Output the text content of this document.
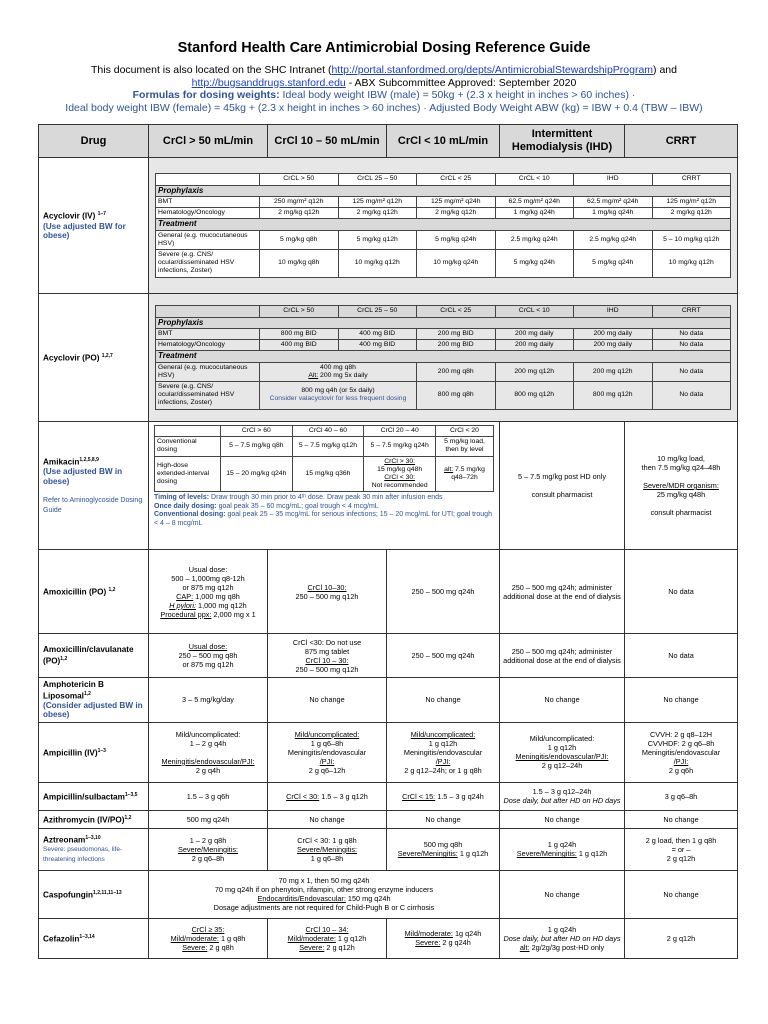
Stanford Health Care Antimicrobial Dosing Reference Guide
This document is also located on the SHC Intranet (http://portal.stanfordmed.org/depts/AntimicrobialStewardshipProgram) and
http://bugsanddrugs.stanford.edu - ABX Subcommittee Approved: September 2020
Formulas for dosing weights: Ideal body weight IBW (male) = 50kg + (2.3 x height in inches > 60 inches) ·
Ideal body weight IBW (female) = 45kg + (2.3 x height in inches > 60 inches) · Adjusted Body Weight ABW (kg) = IBW + 0.4 (TBW – IBW)
Drug	CrCl > 50 mL/min	CrCl 10 – 50 mL/min	CrCl < 10 mL/min	Intermittent Hemodialysis (IHD)	CRRT
Acyclovir (IV) $^{1-7}$
(Use adjusted BW for obese)	
	CrCL > 50	CrCL 25 – 50	CrCL < 25	CrCL < 10	IHD	CRRT
Prophylaxis
BMT	250 mg/m² q12h	125 mg/m² q12h	125 mg/m² q24h	62.5 mg/m² q24h	62.5 mg/m² q24h	125 mg/m² q12h
Hematology/Oncology	2 mg/kg q12h	2 mg/kg q12h	2 mg/kg q12h	1 mg/kg q24h	1 mg/kg q24h	2 mg/kg q12h
Treatment
General (e.g. mucocutaneous HSV)	5 mg/kg q8h	5 mg/kg q12h	5 mg/kg q24h	2.5 mg/kg q24h	2.5 mg/kg q24h	5 – 10 mg/kg q12h
Severe (e.g. CNS/ ocular/disseminated HSV infections, Zoster)	10 mg/kg q8h	10 mg/kg q12h	10 mg/kg q24h	5 mg/kg q24h	5 mg/kg q24h	10 mg/kg q12h

Acyclovir (PO) $^{1,2,7}$	
	CrCL > 50	CrCL 25 – 50	CrCL < 25	CrCL < 10	IHD	CRRT
Prophylaxis
BMT	800 mg BID	400 mg BID	200 mg BID	200 mg daily	200 mg daily	No data
Hematology/Oncology	400 mg BID	400 mg BID	200 mg BID	200 mg daily	200 mg daily	No data
Treatment
General (e.g. mucocutaneous HSV)	400 mg q8h
Alt: 200 mg 5x daily	200 mg q8h	200 mg q12h	200 mg q12h	No data
Severe (e.g. CNS/ ocular/disseminated HSV infections, Zoster)	800 mg q4h (or 5x daily)
Consider valacyclovir for less frequent dosing	800 mg q8h	800 mg q12h	800 mg q12h	No data

Amikacin$^{1,2,5,8,9}$
(Use adjusted BW in obese)
Refer to Aminoglycoside Dosing Guide

	CrCl > 60	CrCl 40 – 60	CrCl 20 – 40	CrCl < 20
Conventional dosing	5 – 7.5 mg/kg q8h	5 – 7.5 mg/kg q12h	5 – 7.5 mg/kg q24h	5 mg/kg load, then by level
High-dose extended-interval dosing	15 – 20 mg/kg q24h	15 mg/kg q36h	CrCl > 30:
15 mg/kg q48h
CrCl < 30:
Not recommended	alt: 7.5 mg/kg q48–72h
Timing of levels: Draw trough 30 min prior to 4ᵗʰ dose. Draw peak 30 min after infusion ends
Once daily dosing: goal peak 35 – 60 mcg/mL; goal trough < 4 mcg/mL
Conventional dosing: goal peak 25 – 35 mcg/mL for serious infections; 15 – 20 mcg/mL for UTI; goal trough < 4 – 8 mcg/mL
	5 – 7.5 mg/kg post HD only

consult pharmacist	10 mg/kg load,
then 7.5 mg/kg q24–48h

Severe/MDR organism:
25 mg/kg q48h

consult pharmacist
Amoxicillin (PO) $^{1,2}$	Usual dose:
500 – 1,000mg q8-12h
or 875 mg q12h
CAP: 1,000 mg q8h
H pylori: 1,000 mg q12h
Procedural ppx: 2,000 mg x 1	CrCl 10–30:
250 – 500 mg q12h	250 – 500 mg q24h	250 – 500 mg q24h; administer additional dose at the end of dialysis	No data
Amoxicillin/clavulanate (PO)$^{1,2}$	Usual dose:
250 – 500 mg q8h
or 875 mg q12h	CrCl <30: Do not use
875 mg tablet
CrCl 10 – 30:
250 – 500 mg q12h	250 – 500 mg q24h	250 – 500 mg q24h; administer additional dose at the end of dialysis	No data
Amphotericin B Liposomal$^{1,2}$
(Consider adjusted BW in obese)	3 – 5 mg/kg/day	No change	No change	No change	No change
Ampicillin (IV)$^{1-3}$	Mild/uncomplicated:
1 – 2 g q4h

Meningitis/endovascular/PJI:
2 g q4h	Mild/uncomplicated:
1 g q6–8h
Meningitis/endovascular
/PJI:
2 g q6–12h	Mild/uncomplicated:
1 g q12h
Meningitis/endovascular
/PJI:
2 g q12–24h; or 1 g q8h	Mild/uncomplicated:
1 g q12h
Meningitis/endovascular/PJI:
2 g q12–24h	CVVH: 2 g q8–12H
CVVHDF: 2 g q6–8h
Meningitis/endovascular
/PJI:
2 g q6h
Ampicillin/sulbactam$^{1-3,5}$	1.5 – 3 g q6h	CrCl < 30: 1.5 – 3 g q12h	CrCl < 15: 1.5 – 3 g q24h	1.5 – 3 g q12–24h
Dose daily, but after HD on HD days	3 g q6–8h
Azithromycin $(IV/PO)^{1,2}$	500 mg q24h	No change	No change	No change	No change
Aztreonam$^{1-3,10}$
Severe: pseudomonas, life-threatening infections
	1 – 2 g q8h
Severe/Meningitis:
2 g q6–8h	CrCl < 30: 1 g q8h
Severe/Meningitis:
1 g q6–8h	500 mg q8h
Severe/Meningitis: 1 g q12h	1 g q24h
Severe/Meningitis: 1 g q12h	2 g load, then 1 g q8h
= or –
2 g q12h
Caspofungin$^{1,2,11,11-13}$	70 mg x 1, then 50 mg q24h
70 mg q24h if on phenytoin, rifampin, other strong enzyme inducers
Endocarditis/Endovascular: 150 mg q24h
Dosage adjustments are not required for Child-Pugh B or C cirrhosis	No change	No change
Cefazolin$^{1-3,14}$	CrCl ≥ 35:
Mild/moderate: 1 g q8h
Severe: 2 g q8h	CrCl 10 – 34:
Mild/moderate: 1 g q12h
Severe: 2 g q12h	Mild/moderate: 1g q24h
Severe: 2 g q24h	1 g q24h
Dose daily, but after HD on HD days
alt: 2g/2g/3g post-HD only	2 g q12h
